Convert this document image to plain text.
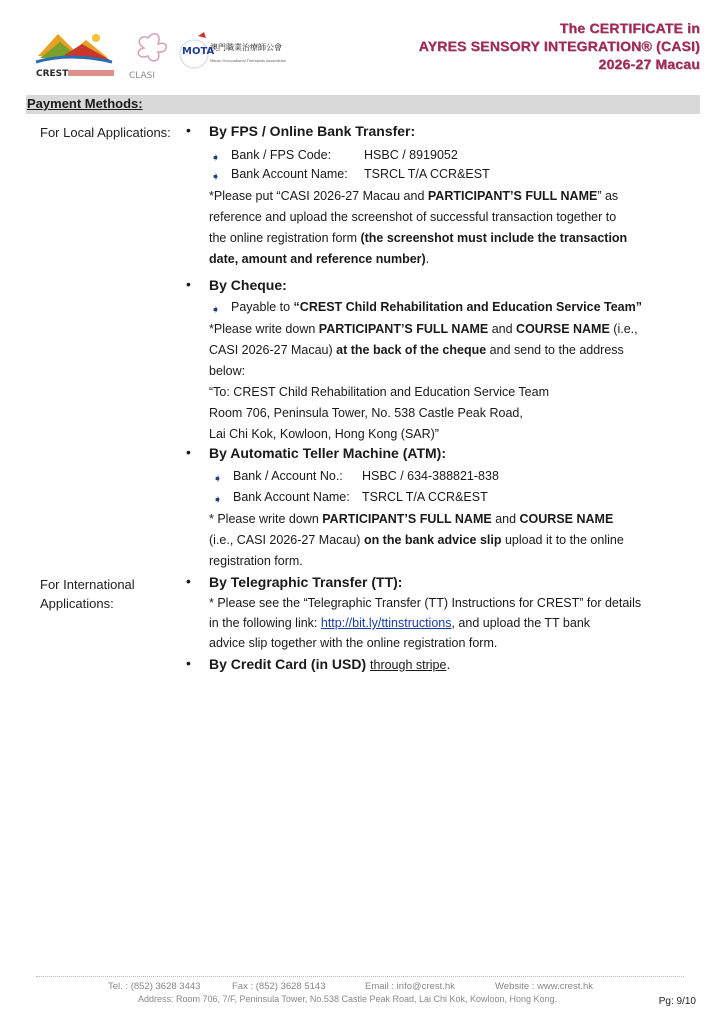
CREST	CLASI
MOTA
澳門職業治療師公會
Macau Occupational Therapists Association
The CERTIFICATE in
AYRES SENSORY INTEGRATION® (CASI)
2026-27 Macau
Payment Methods:
For Local Applications: • By FPS / Online Bank Transfer:
➧ Bank / FPS Code:	HSBC / 8919052
➧ Bank Account Name: TSRCL T/A CCR&EST
*Please put “CASI 2026-27 Macau and PARTICIPANT’S FULL NAME” as
reference and upload the screenshot of successful transaction together to
the online registration form (the screenshot must include the transaction
date, amount and reference number).
• By Cheque:
➧ Payable to “CREST Child Rehabilitation and Education Service Team”
*Please write down PARTICIPANT’S FULL NAME and COURSE NAME (i.e.,
CASI 2026-27 Macau) at the back of the cheque and send to the address
below:
“To: CREST Child Rehabilitation and Education Service Team
Room 706, Peninsula Tower, No. 538 Castle Peak Road,
Lai Chi Kok, Kowloon, Hong Kong (SAR)”
• By Automatic Teller Machine (ATM):
➧ Bank / Account No.: HSBC / 634-388821-838
➧ Bank Account Name: TSRCL T/A CCR&EST
* Please write down PARTICIPANT’S FULL NAME and COURSE NAME
(i.e., CASI 2026-27 Macau) on the bank advice slip upload it to the online
registration form.
For International
Applications:
• By Telegraphic Transfer (TT):
* Please see the “Telegraphic Transfer (TT) Instructions for CREST” for details
in the following link: http://bit.ly/ttinstructions, and upload the TT bank
advice slip together with the online registration form.
• By Credit Card (in USD) through stripe.
Tel. : (852) 3628 3443	Fax : (852) 3628 5143	Email : info@crest.hk	Website : www.crest.hk
Address: Room 706, 7/F, Peninsula Tower, No.538 Castle Peak Road, Lai Chi Kok, Kowloon, Hong Kong.	Pg: 9/10
